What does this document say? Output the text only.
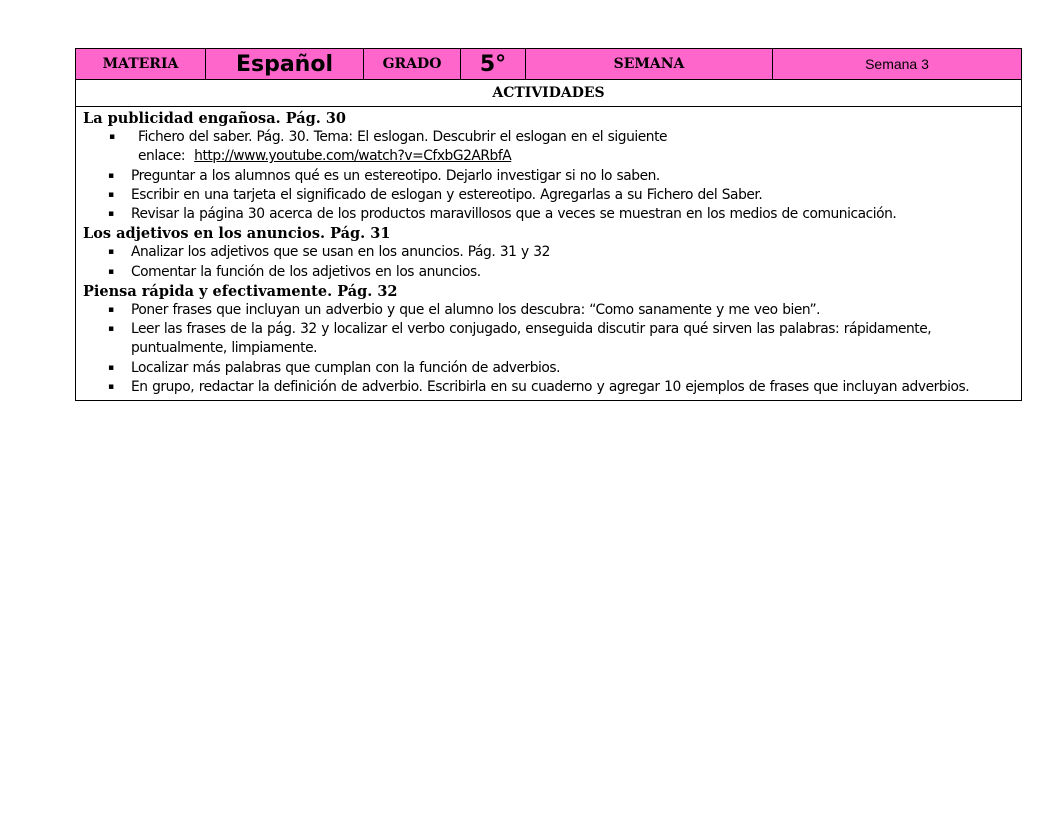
MATERIA	Español	GRADO	5°	SEMANA	Semana 3
ACTIVIDADES
La publicidad engañosa. Pág. 30
▪ Fichero del saber. Pág. 30. Tema: El eslogan. Descubrir el eslogan en el siguiente
enlace: http://www.youtube.com/watch?v=CfxbG2ARbfA
▪ Preguntar a los alumnos qué es un estereotipo. Dejarlo investigar si no lo saben.
▪ Escribir en una tarjeta el significado de eslogan y estereotipo. Agregarlas a su Fichero del Saber.
▪ Revisar la página 30 acerca de los productos maravillosos que a veces se muestran en los medios de comunicación.
Los adjetivos en los anuncios. Pág. 31
▪ Analizar los adjetivos que se usan en los anuncios. Pág. 31 y 32
▪ Comentar la función de los adjetivos en los anuncios.
Piensa rápida y efectivamente. Pág. 32
▪ Poner frases que incluyan un adverbio y que el alumno los descubra: “Como sanamente y me veo bien”.
▪ Leer las frases de la pág. 32 y localizar el verbo conjugado, enseguida discutir para qué sirven las palabras: rápidamente, puntualmente, limpiamente.
▪ Localizar más palabras que cumplan con la función de adverbios.
▪ En grupo, redactar la definición de adverbio. Escribirla en su cuaderno y agregar 10 ejemplos de frases que incluyan adverbios.
